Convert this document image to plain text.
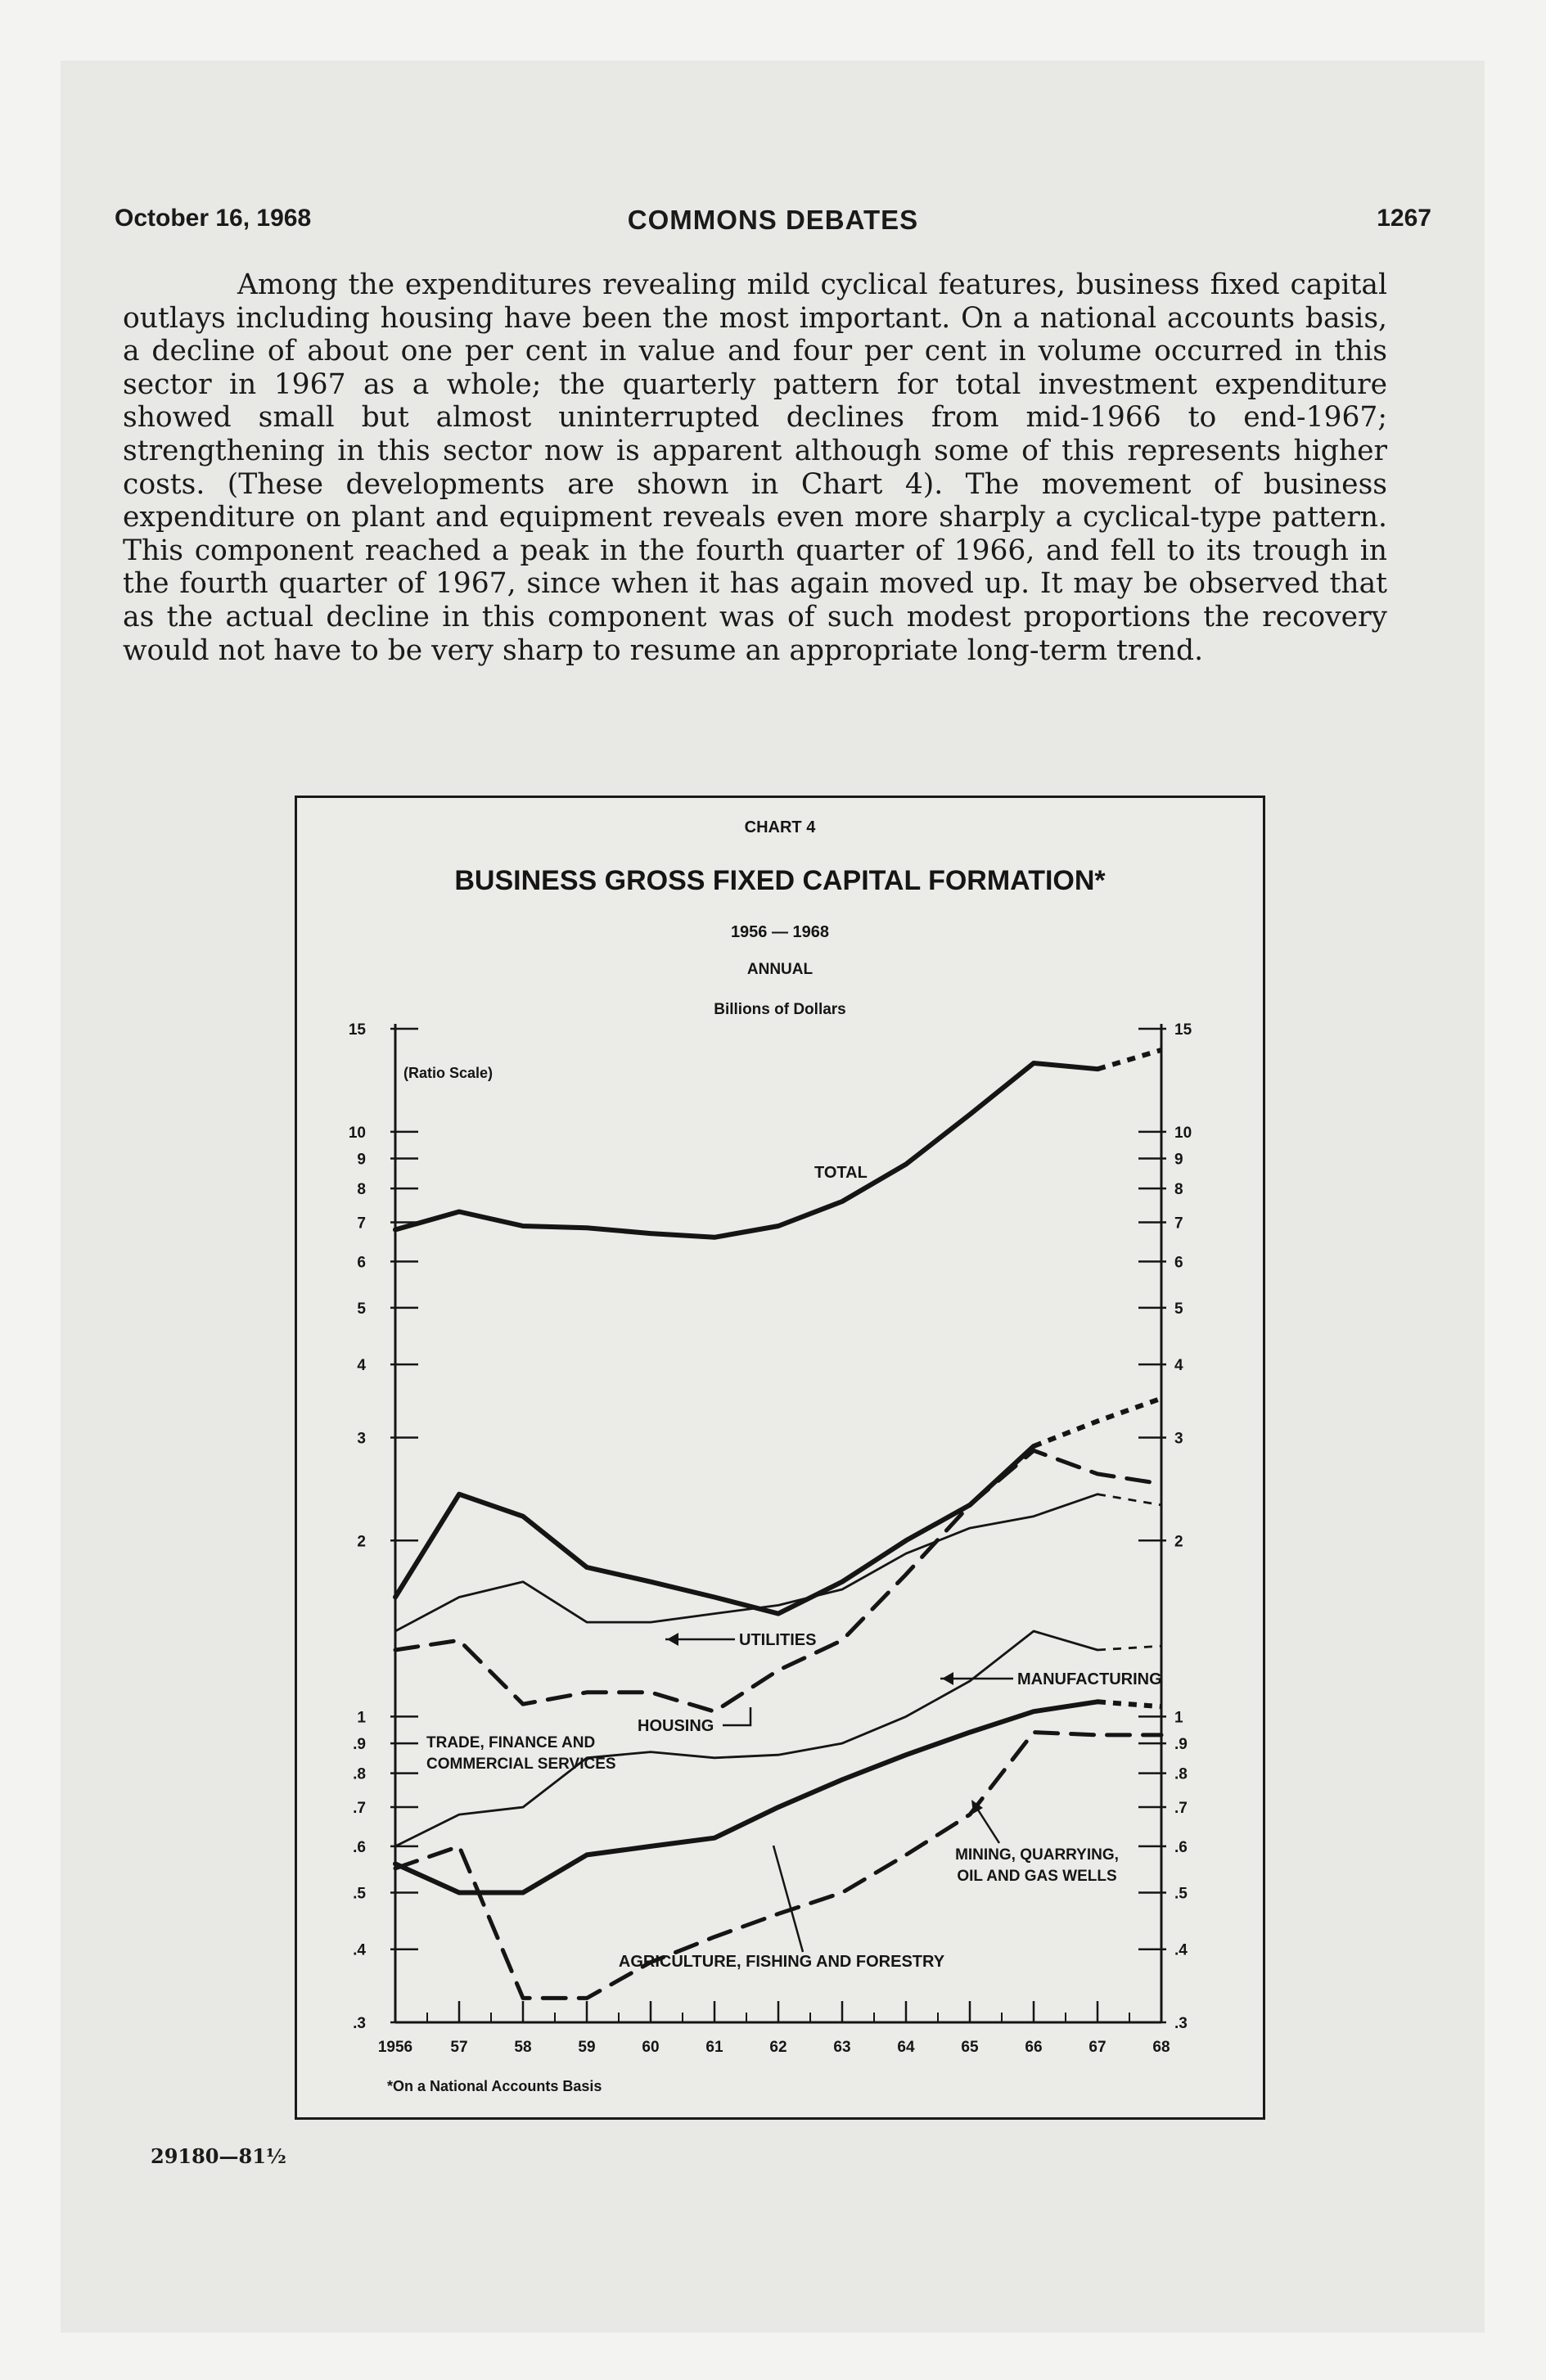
October 16, 1968	COMMONS DEBATES	1267

Among the expenditures revealing mild cyclical features, business fixed capital outlays including housing have been the most important. On a national accounts basis, a decline of about one per cent in value and four per cent in volume occurred in this sector in 1967 as a whole; the quarterly pattern for total investment expenditure showed small but almost uninterrupted declines from mid-1966 to end-1967; strengthening in this sector now is apparent although some of this represents higher costs. (These developments are shown in Chart 4). The movement of business expenditure on plant and equipment reveals even more sharply a cyclical-type pattern. This component reached a peak in the fourth quarter of 1966, and fell to its trough in the fourth quarter of 1967, since when it has again moved up. It may be observed that as the actual decline in this component was of such modest proportions the recovery would not have to be very sharp to resume an appropriate long-term trend.

CHART 4
BUSINESS GROSS FIXED CAPITAL FORMATION*
1956 — 1968
ANNUAL
Billions of Dollars
(Ratio Scale)
15	15
10	10
9	9
8	8
7	7
6	6
5	5
4	4
3	3
2	2
1	1
.9	.9
.8	.8
.7	.7
.6	.6
.5	.5
.4	.4
.3	.3
1956 57	58	59	60	61	62	63	64	65	66	67	68
*On a National Accounts Basis
TOTAL
UTILITIES
MANUFACTURING
HOUSING
TRADE, FINANCE AND
COMMERCIAL SERVICES
MINING, QUARRYING,
OIL AND GAS WELLS
AGRICULTURE, FISHING AND FORESTRY
29180—81½
